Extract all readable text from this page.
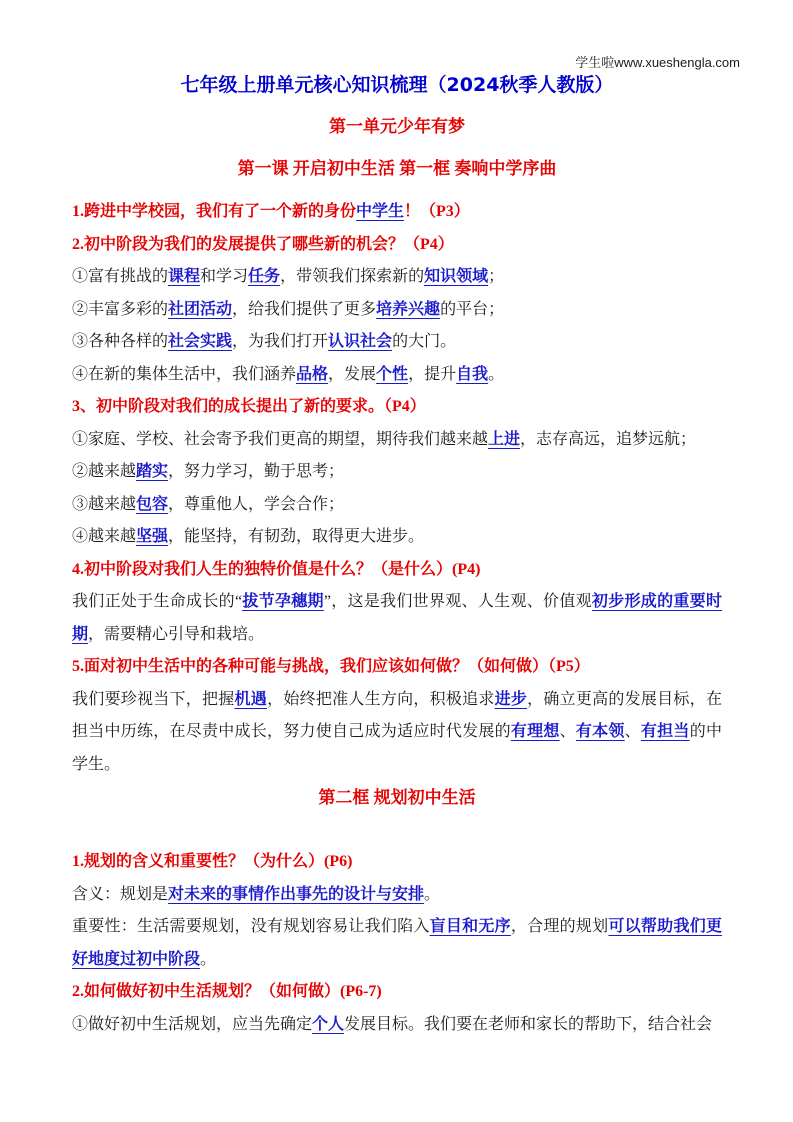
学生啦www.xueshengla.com
七年级上册单元核心知识梳理（2024秋季人教版）
第一单元少年有梦
第一课 开启初中生活 第一框 奏响中学序曲

1.跨进中学校园，我们有了一个新的身份中学生！（P3）

2.初中阶段为我们的发展提供了哪些新的机会？（P4）

①富有挑战的课程和学习任务，带领我们探索新的知识领域；

②丰富多彩的社团活动，给我们提供了更多培养兴趣的平台；

③各种各样的社会实践，为我们打开认识社会的大门。

④在新的集体生活中，我们涵养品格，发展个性，提升自我。

3、初中阶段对我们的成长提出了新的要求。（P4）

①家庭、学校、社会寄予我们更高的期望，期待我们越来越上进，志存高远，追梦远航；

②越来越踏实，努力学习，勤于思考；

③越来越包容，尊重他人，学会合作；

④越来越坚强，能坚持，有韧劲，取得更大进步。

4.初中阶段对我们人生的独特价值是什么？（是什么）(P4)

我们正处于生命成长的“拔节孕穗期”，这是我们世界观、人生观、价值观初步形成的重要时期，需要精心引导和栽培。

5.面对初中生活中的各种可能与挑战，我们应该如何做？（如何做）（P5）

我们要珍视当下，把握机遇，始终把准人生方向，积极追求进步，确立更高的发展目标，在担当中历练，在尽责中成长，努力使自己成为适应时代发展的有理想、有本领、有担当的中学生。

第二框 规划初中生活

1.规划的含义和重要性？（为什么）(P6)

含义：规划是对未来的事情作出事先的设计与安排。

重要性：生活需要规划，没有规划容易让我们陷入盲目和无序，合理的规划可以帮助我们更好地度过初中阶段。

2.如何做好初中生活规划？（如何做）(P6-7)

①做好初中生活规划，应当先确定个人发展目标。我们要在老师和家长的帮助下，结合社会
